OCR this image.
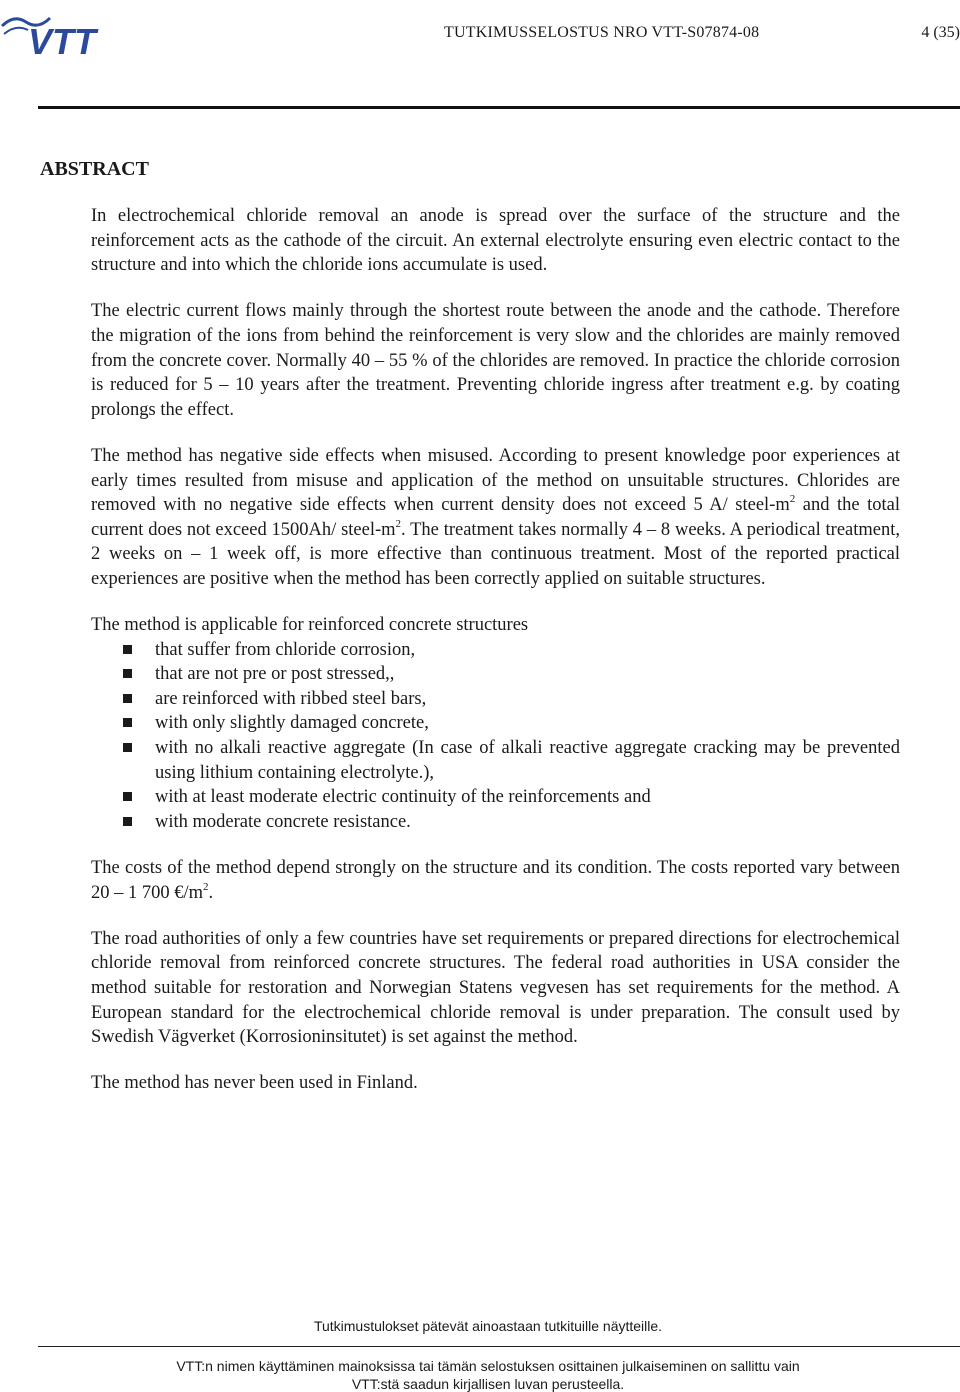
VTT	TUTKIMUSSELOSTUS NRO VTT-S07874-08	4 (35)
ABSTRACT

In electrochemical chloride removal an anode is spread over the surface of the structure and the reinforcement acts as the cathode of the circuit. An external electrolyte ensuring even electric contact to the structure and into which the chloride ions accumulate is used.

The electric current flows mainly through the shortest route between the anode and the cathode. Therefore the migration of the ions from behind the reinforcement is very slow and the chlorides are mainly removed from the concrete cover. Normally 40 – 55 % of the chlorides are removed. In practice the chloride corrosion is reduced for 5 – 10 years after the treatment. Preventing chloride ingress after treatment e.g. by coating prolongs the effect.

The method has negative side effects when misused. According to present knowledge poor experiences at early times resulted from misuse and application of the method on unsuitable structures. Chlorides are removed with no negative side effects when current density does not exceed 5 A/ steel-$m^2$ and the total current does not exceed 1500Ah/ steel-$m^2$. The treatment takes normally 4 – 8 weeks. A periodical treatment, 2 weeks on – 1 week off, is more effective than continuous treatment. Most of the reported practical experiences are positive when the method has been correctly applied on suitable structures.

The method is applicable for reinforced concrete structures

that suffer from chloride corrosion,
that are not pre or post stressed,,
are reinforced with ribbed steel bars,
with only slightly damaged concrete,
with no alkali reactive aggregate (In case of alkali reactive aggregate cracking may be prevented using lithium containing electrolyte.),
with at least moderate electric continuity of the reinforcements and
with moderate concrete resistance.

The costs of the method depend strongly on the structure and its condition. The costs reported vary between 20 – 1 700 $€/m^2$.

The road authorities of only a few countries have set requirements or prepared directions for electrochemical chloride removal from reinforced concrete structures. The federal road authorities in USA consider the method suitable for restoration and Norwegian Statens vegvesen has set requirements for the method. A European standard for the electrochemical chloride removal is under preparation. The consult used by Swedish Vägverket (Korrosioninsitutet) is set against the method.

The method has never been used in Finland.

Tutkimustulokset pätevät ainoastaan tutkituille näytteille.
VTT:n nimen käyttäminen mainoksissa tai tämän selostuksen osittainen julkaiseminen on sallittu vain
VTT:stä saadun kirjallisen luvan perusteella.
